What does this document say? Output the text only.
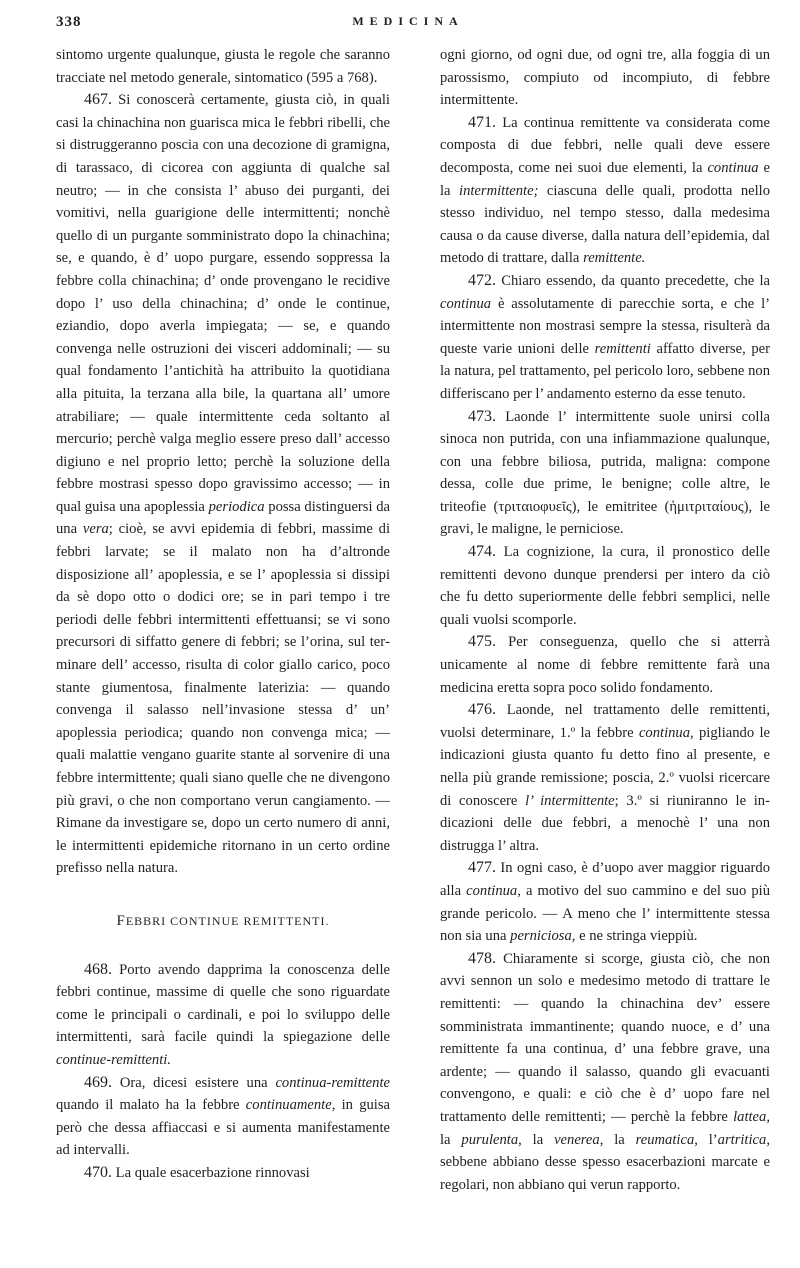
338	MEDICINA

sintomo urgente qualunque, giusta le regole che saranno tracciate nel metodo generale, sintomatico (595 a 768).

467. Si conoscerà certamente, giusta ciò, in quali casi la chinachina non guarisca mica le febbri ribelli, che si distruggeranno poscia con una decozione di gramigna, di tarassaco, di cicorea con aggiunta di qualche sal neutro; — in che consista l’ abuso dei purganti, dei vomitivi, nella guarigione delle intermittenti; nonchè quello di un purgante somministrato dopo la chinachina; se, e quando, è d’ uopo purgare, essendo soppressa la febbre colla chinachina; d’ onde provengano le recidive dopo l’ uso della chinachina; d’ onde le continue, eziandio, dopo averla impiegata; — se, e quando convenga nelle ostruzioni dei visceri addominali; — su qual fondamento l’antichità ha attribuito la quotidiana alla pituita, la terzana alla bile, la quartana all’ umore atrabiliare; — quale intermittente ceda soltanto al mercurio; perchè valga meglio essere preso dall’ accesso digiuno e nel proprio letto; perchè la soluzione della febbre mostrasi spesso dopo gravissimo accesso; — in qual guisa una apoplessia periodica possa distinguersi da una vera; cioè, se avvi epidemia di febbri, massime di febbri larvate; se il malato non ha d’altronde disposizione all’ apoplessia, e se l’ apoplessia si dissipi da sè dopo otto o dodici ore; se in pari tempo i tre periodi delle febbri intermittenti effettuansi; se vi sono precursori di siffatto genere di febbri; se l’orina, sul terminare dell’ accesso, risulta di color giallo carico, poco stante giumentosa, finalmente laterizia: — quando convenga il salasso nell’invasione stessa d’ un’ apoplessia periodica; quando non convenga mica; — quali malattie vengano guarite stante al sorvenire di una febbre intermittente; quali siano quelle che ne divengono più gravi, o che non comportano verun cangiamento. — Rimane da investigare se, dopo un certo numero di anni, le intermittenti epidemiche ritornano in un certo ordine prefisso nella natura.

FEBBRI CONTINUE REMITTENTI.

468. Porto avendo dapprima la conoscenza delle febbri continue, massime di quelle che sono riguardate come le principali o cardinali, e poi lo sviluppo delle intermittenti, sarà facile quindi la spiegazione delle continue-remittenti.

469. Ora, dicesi esistere una continua-remittente quando il malato ha la febbre continuamente, in guisa però che dessa affiaccasi e si aumenta manifestamente ad intervalli.

470. La quale esacerbazione rinnovasi

ogni giorno, od ogni due, od ogni tre, alla foggia di un parossismo, compiuto od incompiuto, di febbre intermittente.

471. La continua remittente va considerata come composta di due febbri, nelle quali deve essere decomposta, come nei suoi due elementi, la continua e la intermittente; ciascuna delle quali, prodotta nello stesso individuo, nel tempo stesso, dalla medesima causa o da cause diverse, dalla natura dell’epidemia, dal metodo di trattare, dalla remittente.

472. Chiaro essendo, da quanto precedette, che la continua è assolutamente di parecchie sorta, e che l’ intermittente non mostrasi sempre la stessa, risulterà da queste varie unioni delle remittenti affatto diverse, per la natura, pel trattamento, pel pericolo loro, sebbene non differiscano per l’ andamento esterno da esse tenuto.

473. Laonde l’ intermittente suole unirsi colla sinoca non putrida, con una infiammazione qualunque, con una febbre biliosa, putrida, maligna: compone dessa, colle due prime, le benigne; colle altre, le triteofie (τριταιοφυεῖς), le emitritee (ἡμιτριταίους), le gravi, le maligne, le perniciose.

474. La cognizione, la cura, il pronostico delle remittenti devono dunque prendersi per intero da ciò che fu detto superiormente delle febbri semplici, nelle quali vuolsi scomporle.

475. Per conseguenza, quello che si atterrà unicamente al nome di febbre remittente farà una medicina eretta sopra poco solido fondamento.

476. Laonde, nel trattamento delle remittenti, vuolsi determinare, 1.º la febbre continua, pigliando le indicazioni giusta quanto fu detto fino al presente, e nella più grande remissione; poscia, 2.º vuolsi ricercare di conoscere l’ intermittente; 3.º si riuniranno le indicazioni delle due febbri, a menochè l’ una non distrugga l’ altra.

477. In ogni caso, è d’uopo aver maggior riguardo alla continua, a motivo del suo cammino e del suo più grande pericolo. — A meno che l’ intermittente stessa non sia una perniciosa, e ne stringa vieppiù.

478. Chiaramente si scorge, giusta ciò, che non avvi sennon un solo e medesimo metodo di trattare le remittenti: — quando la chinachina dev’ essere somministrata immantinente; quando nuoce, e d’ una remittente fa una continua, d’ una febbre grave, una ardente; — quando il salasso, quando gli evacuanti convengono, e quali: e ciò che è d’ uopo fare nel trattamento delle remittenti; — perchè la febbre lattea, la purulenta, la venerea, la reumatica, l’artritica, sebbene abbiano desse spesso esacerbazioni marcate e regolari, non abbiano qui verun rapporto.
